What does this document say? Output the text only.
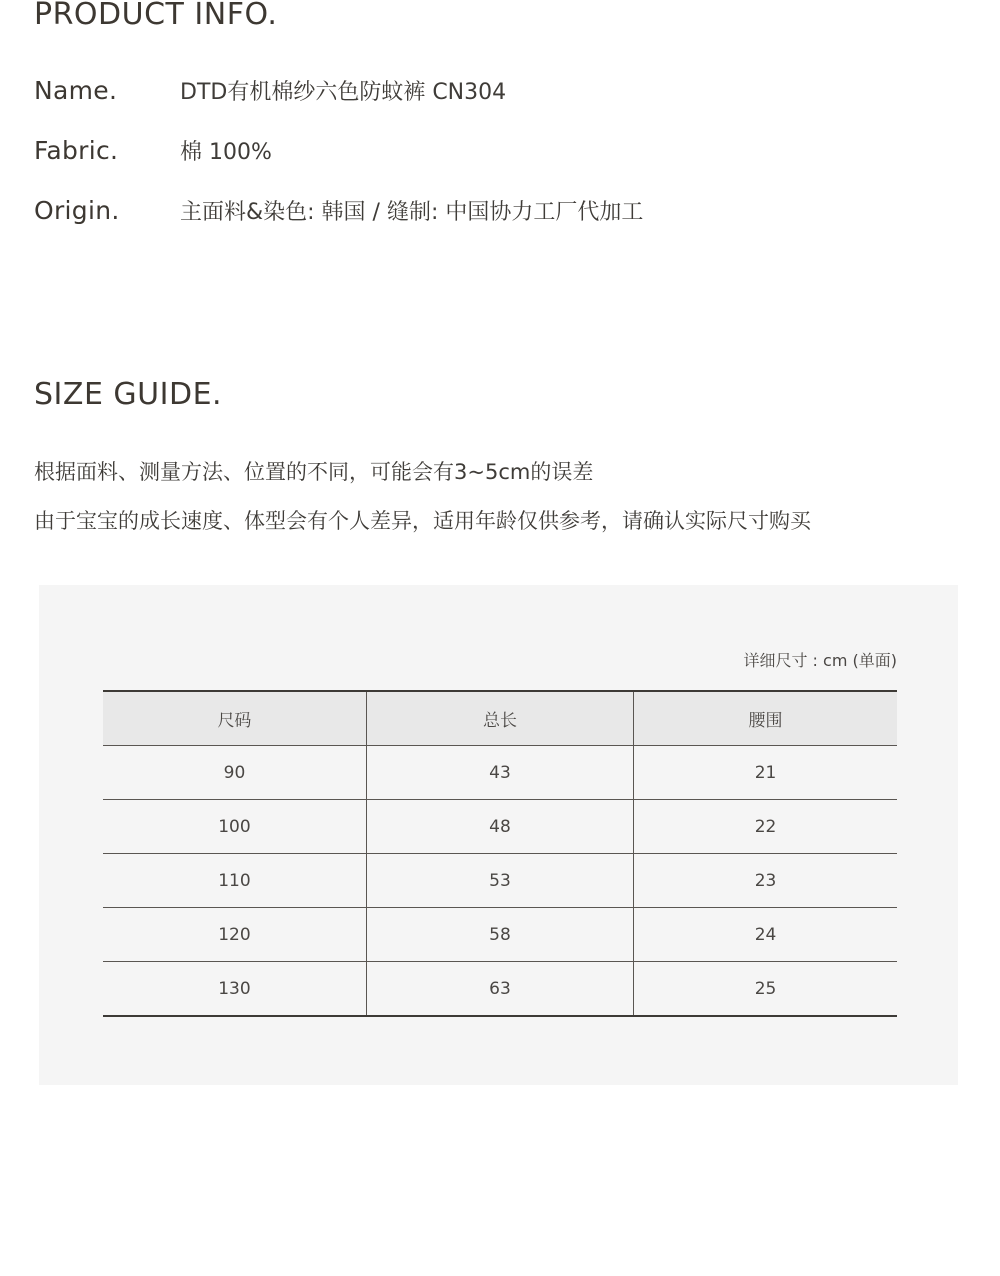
PRODUCT INFO.
Name.	DTD有机棉纱六色防蚊裤 CN304
Fabric.	棉 100%
Origin.	主面料&染色: 韩国 / 缝制: 中国协力工厂代加工
SIZE GUIDE.

根据面料、测量方法、位置的不同，可能会有3~5cm的误差

由于宝宝的成长速度、体型会有个人差异，适用年龄仅供参考，请确认实际尺寸购买

详细尺寸 : cm (单面)
尺码	总长	腰围
90	43	21
100	48	22
110	53	23
120	58	24
130	63	25
